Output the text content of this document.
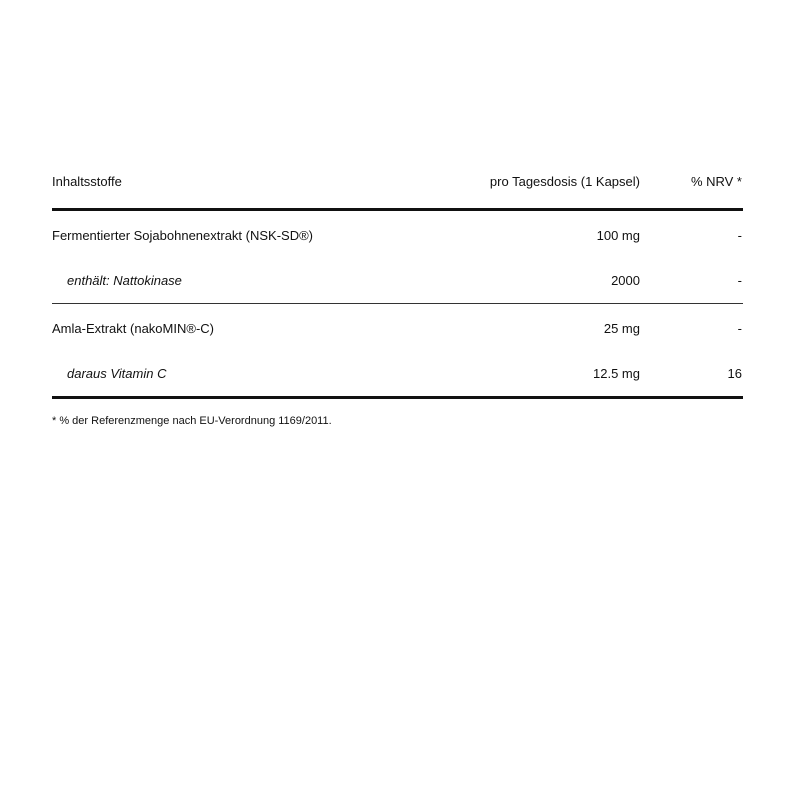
Inhaltsstoffe	pro Tagesdosis (1 Kapsel)	% NRV *
Fermentierter Sojabohnenextrakt (NSK-SD®)	100 mg	-
enthält: Nattokinase	2000	-
Amla-Extrakt (nakoMIN®-C)	25 mg	-
daraus Vitamin C	12.5 mg	16
* % der Referenzmenge nach EU-Verordnung 1169/2011.
